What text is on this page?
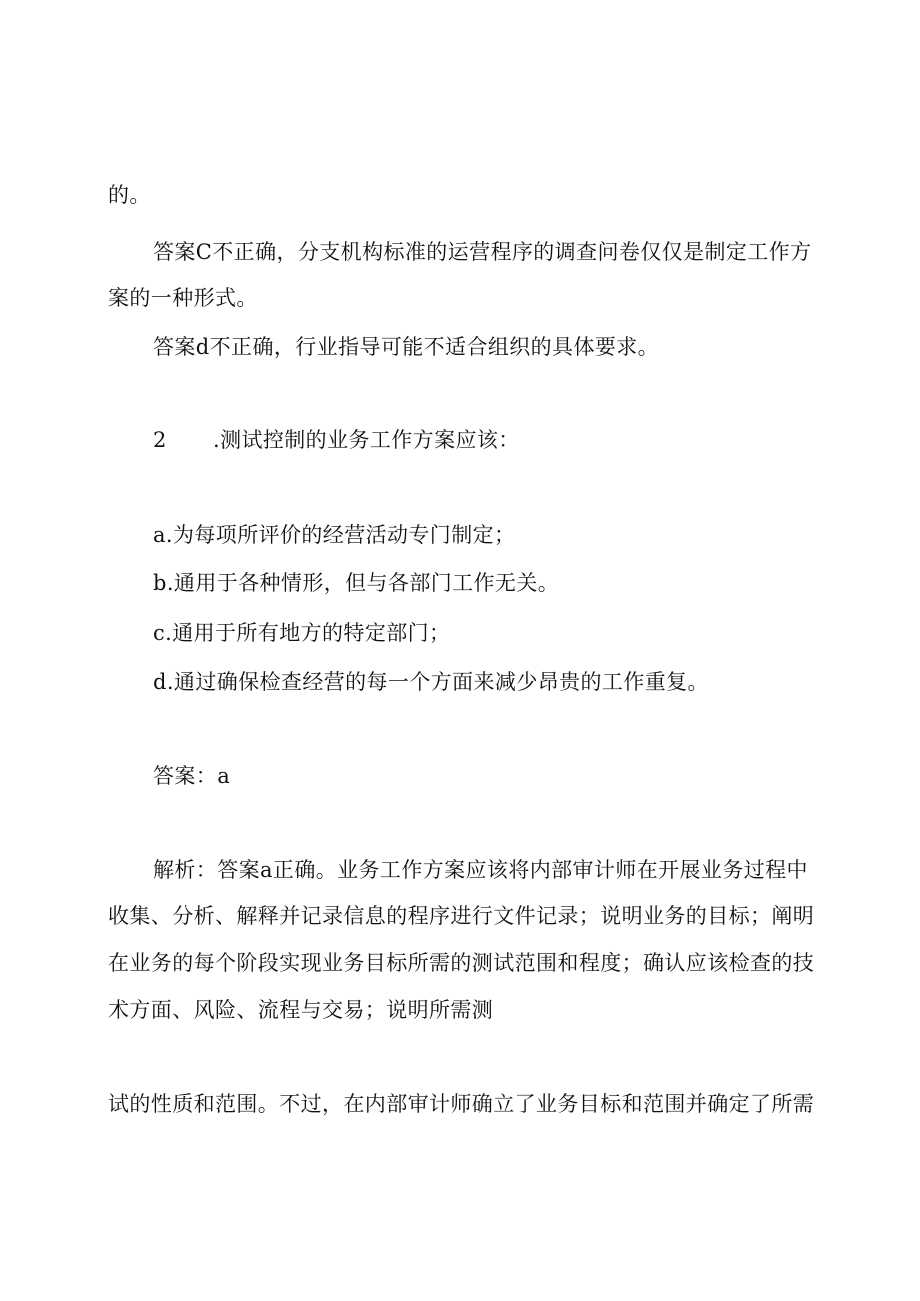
的。
答案C不正确，分支机构标准的运营程序的调查问卷仅仅是制定工作方
案的一种形式。
答案d不正确，行业指导可能不适合组织的具体要求。
2 .测试控制的业务工作方案应该：
a.为每项所评价的经营活动专门制定；
b.通用于各种情形，但与各部门工作无关。
c.通用于所有地方的特定部门；
d.通过确保检查经营的每一个方面来减少昂贵的工作重复。
答案：a
解析：答案a正确。业务工作方案应该将内部审计师在开展业务过程中
收集、分析、解释并记录信息的程序进行文件记录；说明业务的目标；阐明
在业务的每个阶段实现业务目标所需的测试范围和程度；确认应该检查的技
术方面、风险、流程与交易；说明所需测
试的性质和范围。不过，在内部审计师确立了业务目标和范围并确定了所需
